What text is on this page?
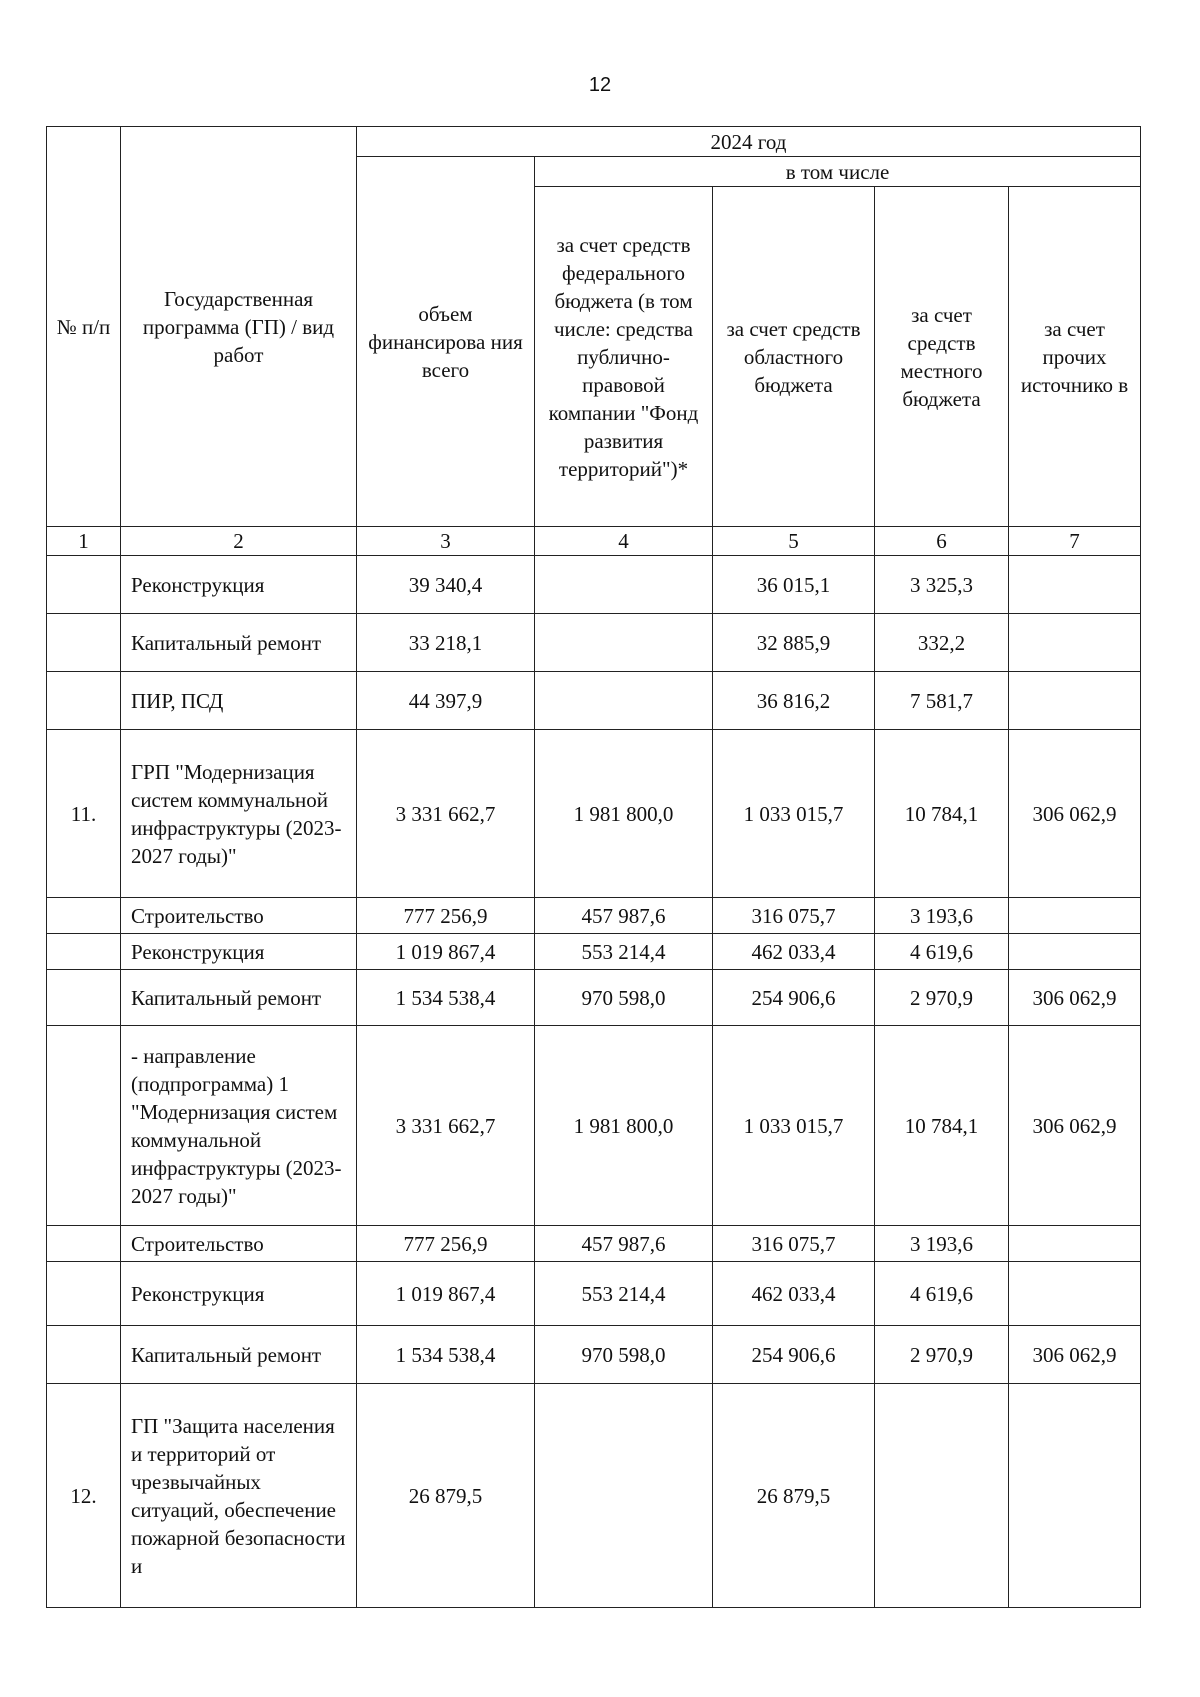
12
№ п/п	Государственная программа (ГП) / вид работ	2024 год				
		объем финансирова ния всего	в том числе			
			за счет средств федерального бюджета (в том числе: средства публично-правовой компании "Фонд развития территорий")*	за счет средств областного бюджета	за счет средств местного бюджета	за счет прочих источнико в
1	2	3	4	5	6	7
	Реконструкция	39 340,4		36 015,1	3 325,3	
	Капитальный ремонт	33 218,1		32 885,9	332,2	
	ПИР, ПСД	44 397,9		36 816,2	7 581,7	
11.	ГРП "Модернизация систем коммунальной инфраструктуры (2023-2027 годы)"	3 331 662,7	1 981 800,0	1 033 015,7	10 784,1	306 062,9
	Строительство	777 256,9	457 987,6	316 075,7	3 193,6	
	Реконструкция	1 019 867,4	553 214,4	462 033,4	4 619,6	
	Капитальный ремонт	1 534 538,4	970 598,0	254 906,6	2 970,9	306 062,9
	- направление (подпрограмма) 1 "Модернизация систем коммунальной инфраструктуры (2023-2027 годы)"	3 331 662,7	1 981 800,0	1 033 015,7	10 784,1	306 062,9
	Строительство	777 256,9	457 987,6	316 075,7	3 193,6	
	Реконструкция	1 019 867,4	553 214,4	462 033,4	4 619,6	
	Капитальный ремонт	1 534 538,4	970 598,0	254 906,6	2 970,9	306 062,9
12.	ГП "Защита населения и территорий от чрезвычайных ситуаций, обеспечение пожарной безопасности и	26 879,5		26 879,5		
